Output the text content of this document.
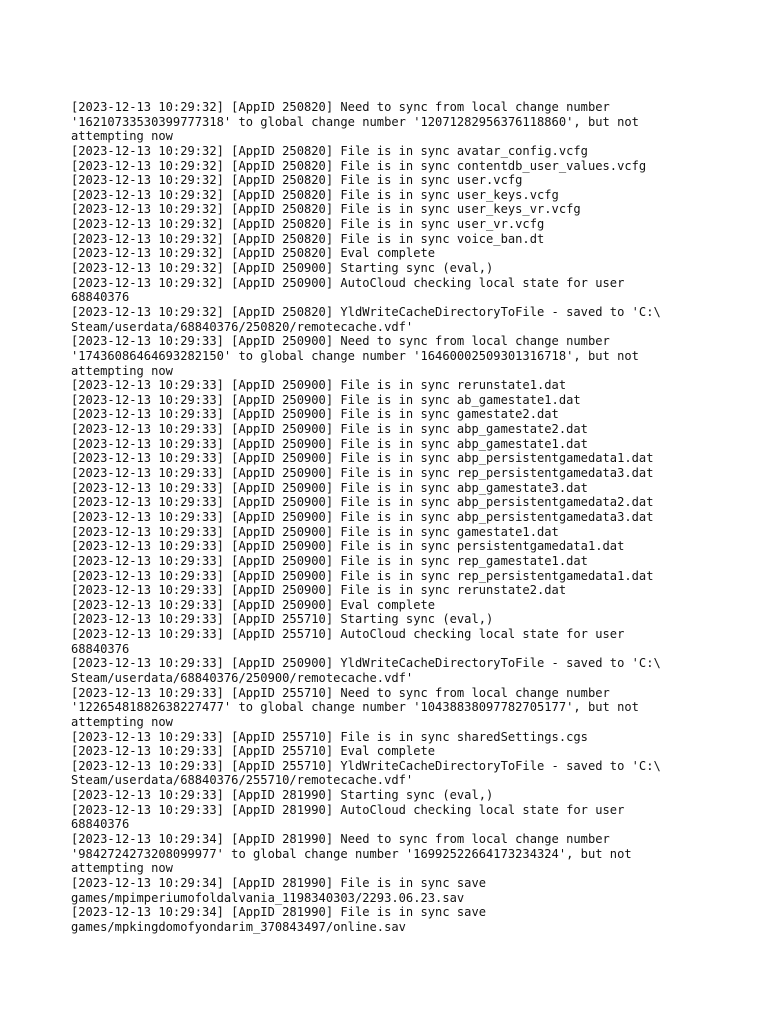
[2023-12-13 10:29:32] [AppID 250820] Need to sync from local change number
'16210733530399777318' to global change number '12071282956376118860', but not
attempting now
[2023-12-13 10:29:32] [AppID 250820] File is in sync avatar_config.vcfg
[2023-12-13 10:29:32] [AppID 250820] File is in sync contentdb_user_values.vcfg
[2023-12-13 10:29:32] [AppID 250820] File is in sync user.vcfg
[2023-12-13 10:29:32] [AppID 250820] File is in sync user_keys.vcfg
[2023-12-13 10:29:32] [AppID 250820] File is in sync user_keys_vr.vcfg
[2023-12-13 10:29:32] [AppID 250820] File is in sync user_vr.vcfg
[2023-12-13 10:29:32] [AppID 250820] File is in sync voice_ban.dt
[2023-12-13 10:29:32] [AppID 250820] Eval complete
[2023-12-13 10:29:32] [AppID 250900] Starting sync (eval,)
[2023-12-13 10:29:32] [AppID 250900] AutoCloud checking local state for user
68840376
[2023-12-13 10:29:32] [AppID 250820] YldWriteCacheDirectoryToFile - saved to 'C:\
Steam/userdata/68840376/250820/remotecache.vdf'
[2023-12-13 10:29:33] [AppID 250900] Need to sync from local change number
'17436086464693282150' to global change number '16460002509301316718', but not
attempting now
[2023-12-13 10:29:33] [AppID 250900] File is in sync rerunstate1.dat
[2023-12-13 10:29:33] [AppID 250900] File is in sync ab_gamestate1.dat
[2023-12-13 10:29:33] [AppID 250900] File is in sync gamestate2.dat
[2023-12-13 10:29:33] [AppID 250900] File is in sync abp_gamestate2.dat
[2023-12-13 10:29:33] [AppID 250900] File is in sync abp_gamestate1.dat
[2023-12-13 10:29:33] [AppID 250900] File is in sync abp_persistentgamedata1.dat
[2023-12-13 10:29:33] [AppID 250900] File is in sync rep_persistentgamedata3.dat
[2023-12-13 10:29:33] [AppID 250900] File is in sync abp_gamestate3.dat
[2023-12-13 10:29:33] [AppID 250900] File is in sync abp_persistentgamedata2.dat
[2023-12-13 10:29:33] [AppID 250900] File is in sync abp_persistentgamedata3.dat
[2023-12-13 10:29:33] [AppID 250900] File is in sync gamestate1.dat
[2023-12-13 10:29:33] [AppID 250900] File is in sync persistentgamedata1.dat
[2023-12-13 10:29:33] [AppID 250900] File is in sync rep_gamestate1.dat
[2023-12-13 10:29:33] [AppID 250900] File is in sync rep_persistentgamedata1.dat
[2023-12-13 10:29:33] [AppID 250900] File is in sync rerunstate2.dat
[2023-12-13 10:29:33] [AppID 250900] Eval complete
[2023-12-13 10:29:33] [AppID 255710] Starting sync (eval,)
[2023-12-13 10:29:33] [AppID 255710] AutoCloud checking local state for user
68840376
[2023-12-13 10:29:33] [AppID 250900] YldWriteCacheDirectoryToFile - saved to 'C:\
Steam/userdata/68840376/250900/remotecache.vdf'
[2023-12-13 10:29:33] [AppID 255710] Need to sync from local change number
'12265481882638227477' to global change number '10438838097782705177', but not
attempting now
[2023-12-13 10:29:33] [AppID 255710] File is in sync sharedSettings.cgs
[2023-12-13 10:29:33] [AppID 255710] Eval complete
[2023-12-13 10:29:33] [AppID 255710] YldWriteCacheDirectoryToFile - saved to 'C:\
Steam/userdata/68840376/255710/remotecache.vdf'
[2023-12-13 10:29:33] [AppID 281990] Starting sync (eval,)
[2023-12-13 10:29:33] [AppID 281990] AutoCloud checking local state for user
68840376
[2023-12-13 10:29:34] [AppID 281990] Need to sync from local change number
'9842724273208099977' to global change number '16992522664173234324', but not
attempting now
[2023-12-13 10:29:34] [AppID 281990] File is in sync save
games/mpimperiumofoldalvania_1198340303/2293.06.23.sav
[2023-12-13 10:29:34] [AppID 281990] File is in sync save
games/mpkingdomofyondarim_370843497/online.sav
